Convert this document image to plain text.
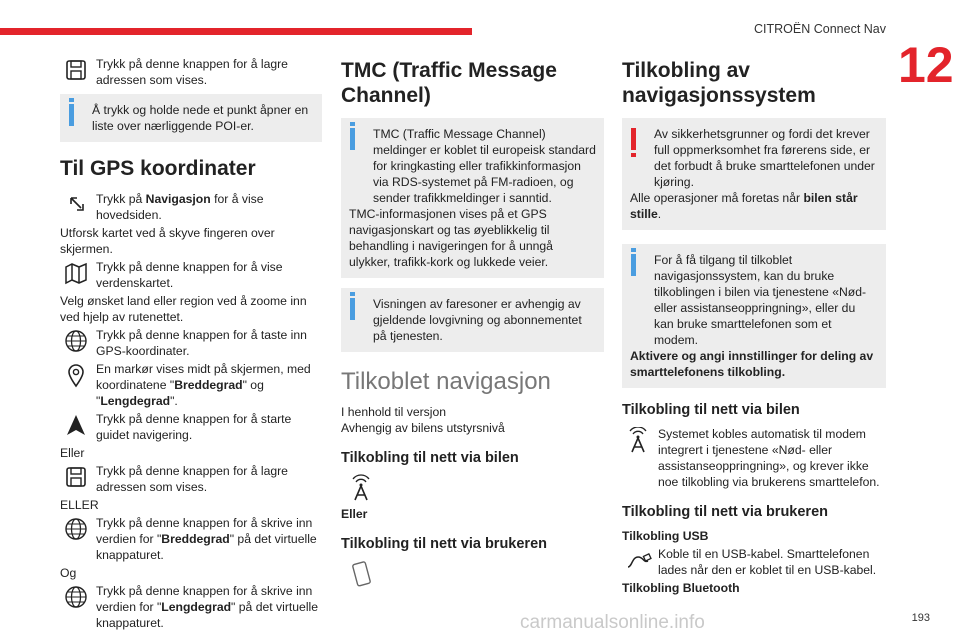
CITROËN Connect Nav
12
193
carmanualsonline.info

Trykk på denne knappen for å lagre adressen som vises.

Å trykk og holde nede et punkt åpner en liste over nærliggende POI-er.

Til GPS koordinater

Trykk på Navigasjon for å vise hovedsiden.

Utforsk kartet ved å skyve fingeren over skjermen.

Trykk på denne knappen for å vise verdenskartet.

Velg ønsket land eller region ved å zoome inn ved hjelp av rutenettet.

Trykk på denne knappen for å taste inn GPS-koordinater.

En markør vises midt på skjermen, med koordinatene "Breddegrad" og "Lengdegrad".

Trykk på denne knappen for å starte guidet navigering.

Eller

Trykk på denne knappen for å lagre adressen som vises.

ELLER

Trykk på denne knappen for å skrive inn verdien for "Breddegrad" på det virtuelle knappaturet.

Og

Trykk på denne knappen for å skrive inn verdien for "Lengdegrad" på det virtuelle knappaturet.

TMC (Traffic Message Channel)

TMC (Traffic Message Channel) meldinger er koblet til europeisk standard for kringkasting eller trafikkinformasjon via RDS-systemet på FM-radioen, og sender trafikkmeldinger i sanntid.

TMC-informasjonen vises på et GPS navigasjonskart og tas øyeblikkelig til behandling i navigeringen for å unngå ulykker, trafikk-kork og lukkede veier.

Visningen av faresoner er avhengig av gjeldende lovgivning og abonnementet på tjenesten.

Tilkoblet navigasjon

I henhold til versjon

Avhengig av bilens utstyrsnivå

Tilkobling til nett via bilen

Eller

Tilkobling til nett via brukeren
Tilkobling av navigasjonssystem

Av sikkerhetsgrunner og fordi det krever full oppmerksomhet fra førerens side, er det forbudt å bruke smarttelefonen under kjøring.

Alle operasjoner må foretas når bilen står stille.

For å få tilgang til tilkoblet navigasjonssystem, kan du bruke tilkoblingen i bilen via tjenestene «Nød- eller assistanseoppringning», eller du kan bruke smarttelefonen som et modem.

Aktivere og angi innstillinger for deling av smarttelefonens tilkobling.

Tilkobling til nett via bilen

Systemet kobles automatisk til modem integrert i tjenestene «Nød- eller assistanseoppringning», og krever ikke noe tilkobling via brukerens smarttelefon.

Tilkobling til nett via brukeren

Tilkobling USB

Koble til en USB-kabel. Smarttelefonen lades når den er koblet til en USB-kabel.

Tilkobling Bluetooth
